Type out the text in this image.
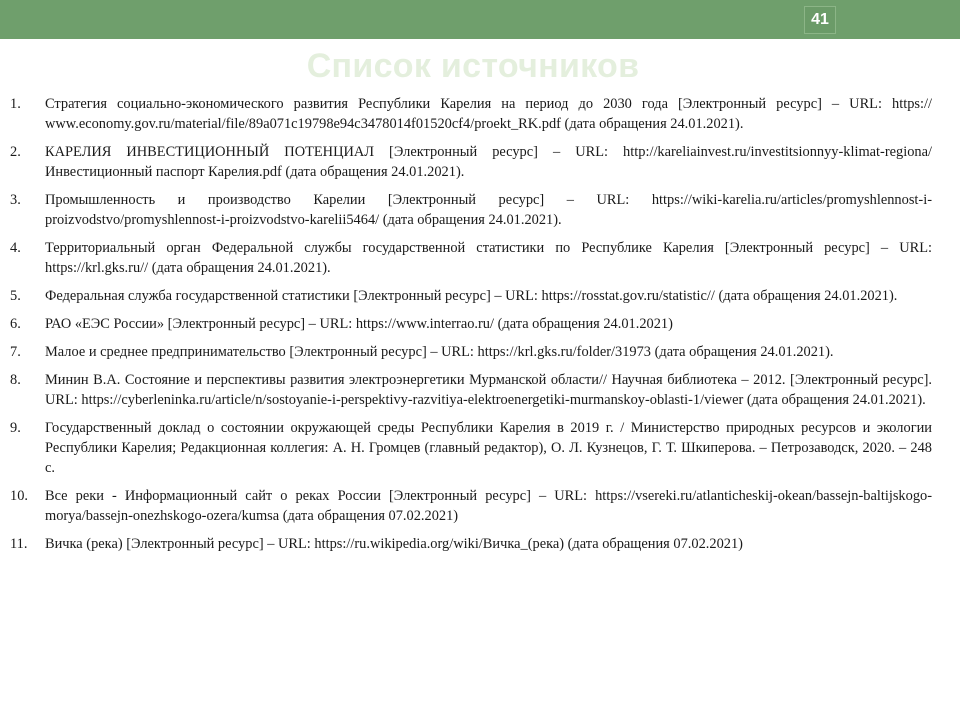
41
Список источников
1. Стратегия социально-экономического развития Республики Карелия на период до 2030 года [Электронный ресурс] – URL: https:// www.economy.gov.ru/material/file/89a071c19798e94c3478014f01520cf4/proekt_RK.pdf (дата обращения 24.01.2021).
2. КАРЕЛИЯ ИНВЕСТИЦИОННЫЙ ПОТЕНЦИАЛ [Электронный ресурс] – URL: http://kareliainvest.ru/investitsionnyy-klimat-regiona/Инвестиционный паспорт Карелия.pdf (дата обращения 24.01.2021).
3. Промышленность и производство Карелии [Электронный ресурс] – URL: https://wiki-karelia.ru/articles/promyshlennost-i-proizvodstvo/promyshlennost-i-proizvodstvo-karelii5464/ (дата обращения 24.01.2021).
4. Территориальный орган Федеральной службы государственной статистики по Республике Карелия [Электронный ресурс] – URL: https://krl.gks.ru// (дата обращения 24.01.2021).
5. Федеральная служба государственной статистики [Электронный ресурс] – URL: https://rosstat.gov.ru/statistic// (дата обращения 24.01.2021).
6. РАО «ЕЭС России» [Электронный ресурс] – URL: https://www.interrao.ru/ (дата обращения 24.01.2021)
7. Малое и среднее предпринимательство [Электронный ресурс] – URL: https://krl.gks.ru/folder/31973 (дата обращения 24.01.2021).
8. Минин В.А. Состояние и перспективы развития электроэнергетики Мурманской области// Научная библиотека – 2012. [Электронный ресурс]. URL: https://cyberleninka.ru/article/n/sostoyanie-i-perspektivy-razvitiya-elektroenergetiki-murmanskoy-oblasti-1/viewer (дата обращения 24.01.2021).
9. Государственный доклад о состоянии окружающей среды Республики Карелия в 2019 г. / Министерство природных ресурсов и экологии Республики Карелия; Редакционная коллегия: А. Н. Громцев (главный редактор), О. Л. Кузнецов, Г. Т. Шкиперова. – Петрозаводск, 2020. – 248 с.
10. Все реки - Информационный сайт о реках России [Электронный ресурс] – URL: https://vsereki.ru/atlanticheskij-okean/bassejn-baltijskogo-morya/bassejn-onezhskogo-ozera/kumsa (дата обращения 07.02.2021)
11. Вичка (река) [Электронный ресурс] – URL: https://ru.wikipedia.org/wiki/Вичка_(река) (дата обращения 07.02.2021)
